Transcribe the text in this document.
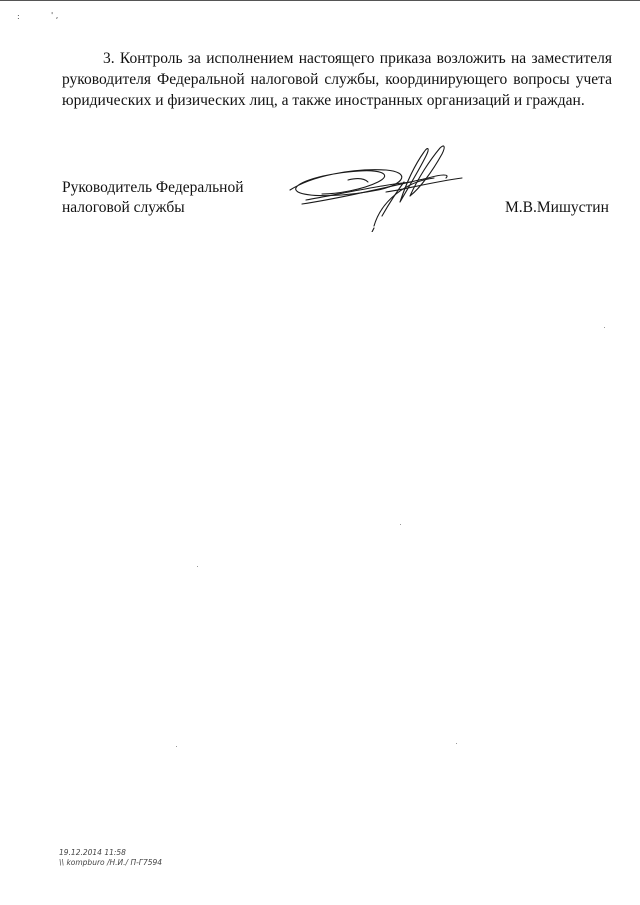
:	' ,

3. Контроль за исполнением настоящего приказа возложить на заместителя руководителя Федеральной налоговой службы, координирующего вопросы учета юридических и физических лиц, а также иностранных организаций и граждан.

Руководитель Федеральной
налоговой службы	М.В.Мишустин
19.12.2014 11:58
\\ kompburo /Н.И./ П-Г7594
